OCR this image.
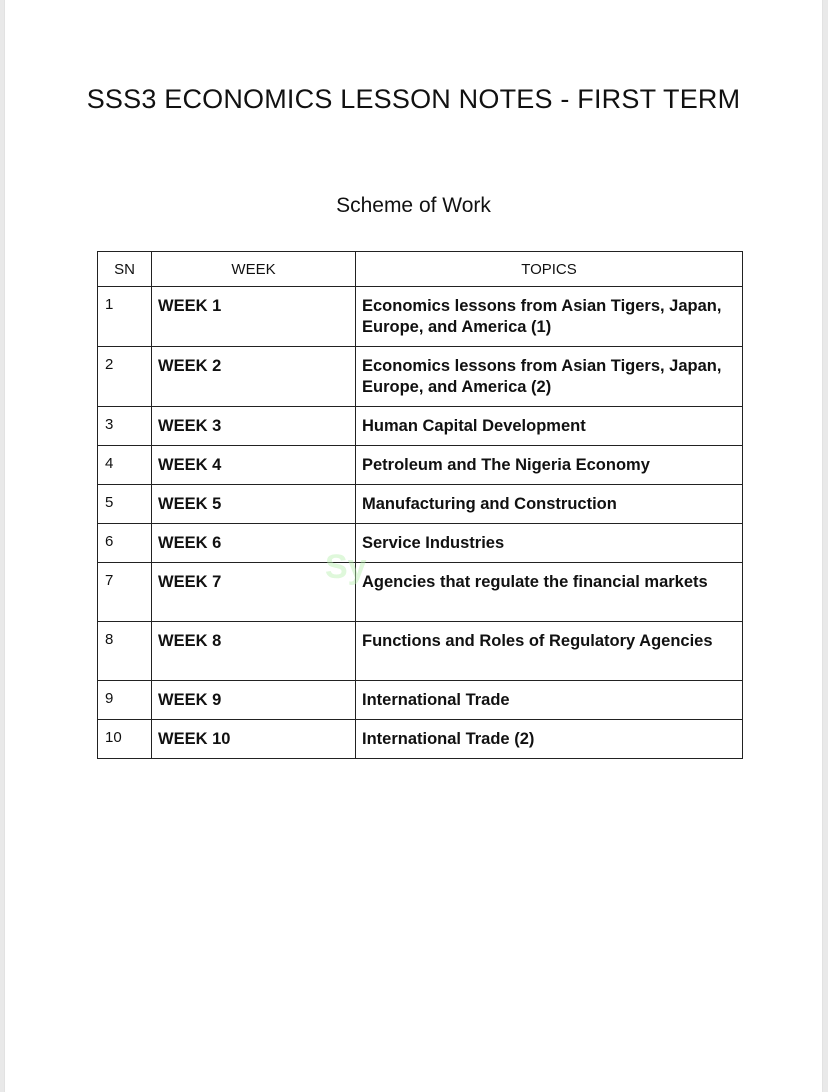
SSS3 ECONOMICS LESSON NOTES - FIRST TERM
Scheme of Work
SN	WEEK	TOPICS
1	WEEK 1	Economics lessons from Asian Tigers, Japan, Europe, and America (1)
2	WEEK 2	Economics lessons from Asian Tigers, Japan, Europe, and America (2)
3	WEEK 3	Human Capital Development
4	WEEK 4	Petroleum and The Nigeria Economy
5	WEEK 5	Manufacturing and Construction
6	WEEK 6	Service Industries
7	WEEK 7	Agencies that regulate the financial markets
8	WEEK 8	Functions and Roles of Regulatory Agencies
9	WEEK 9	International Trade
10	WEEK 10	International Trade (2)
Sy
